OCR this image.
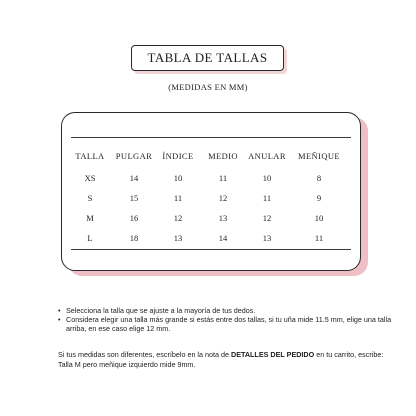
TABLA DE TALLAS
(MEDIDAS EN MM)
TALLA	PULGAR	ÍNDICE	MEDIO	ANULAR	MEÑIQUE
XS	14	10	11	10	8
S	15	11	12	11	9
M	16	12	13	12	10
L	18	13	14	13	11
• Selecciona la talla que se ajuste a la mayoría de tus dedos.
• Considera elegir una talla más grande si estás entre dos tallas, si tu uña mide 11.5 mm, elige una talla arriba, en ese caso elige 12 mm.

Si tus medidas son diferentes, escríbelo en la nota de DETALLES DEL PEDIDO en tu carrito, escribe: Talla M pero meñique izquierdo mide 9mm.
